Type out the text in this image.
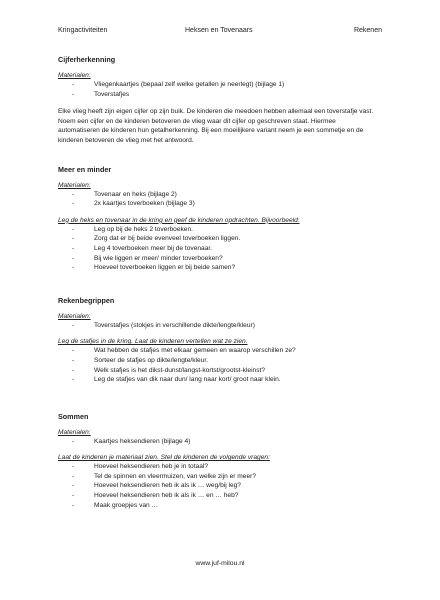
Kringactiviteiten	Heksen en Tovenaars	Rekenen
Cijferherkenning
Materialen:
- Vliegenkaartjes (bepaal zelf welke getallen je neerlegt) (bijlage 1)
- Toverstafjes
Elke vlieg heeft zijn eigen cijfer op zijn buik. De kinderen die meedoen hebben allemaal een toverstafje vast. Noem een cijfer en de kinderen betoveren de vlieg waar dit cijfer op geschreven staat. Hiermee automatiseren de kinderen hun getalherkenning. Bij een moeilijkere variant neem je een sommetje en de kinderen betoveren de vlieg met het antwoord.
Meer en minder
Materialen:
- Tovenaar en heks (bijlage 2)
- 2x kaartjes toverboeken (bijlage 3)
Leg de heks en tovenaar in de kring en geef de kinderen opdrachten. Bijvoorbeeld:
- Leg op bij de heks 2 toverboeken.
- Zorg dat er bij beide evenveel toverboeken liggen.
- Leg 4 toverboeken meer bij de tovenaar.
- Bij wie liggen er meer/ minder toverboeken?
- Hoeveel toverboeken liggen er bij beide samen?
Rekenbegrippen
Materialen:
- Toverstafjes (stokjes in verschillende dikte/lengte/kleur)
Leg de stafjes in de kring. Laat de kinderen vertellen wat ze zien.
- Wat hebben de stafjes met elkaar gemeen en waarop verschillen ze?
- Sorteer de stafjes op dikte/lengte/kleur.
- Welk stafjes is het dikst-dunst/langst-kortst/grootst-kleinst?
- Leg de stafjes van dik naar dun/ lang naar kort/ groot naar klein.
Sommen
Materialen:
- Kaartjes heksendieren (bijlage 4)
Laat de kinderen je materiaal zien. Stel de kinderen de volgende vragen:
- Hoeveel heksendieren heb je in totaal?
- Tel de spinnen en vleermuizen, van welke zijn er meer?
- Hoeveel heksendieren heb ik als ik … weg/bij leg?
- Hoeveel heksendieren heb ik als ik … en … heb?
- Maak groepjes van …
www.juf-milou.nl
